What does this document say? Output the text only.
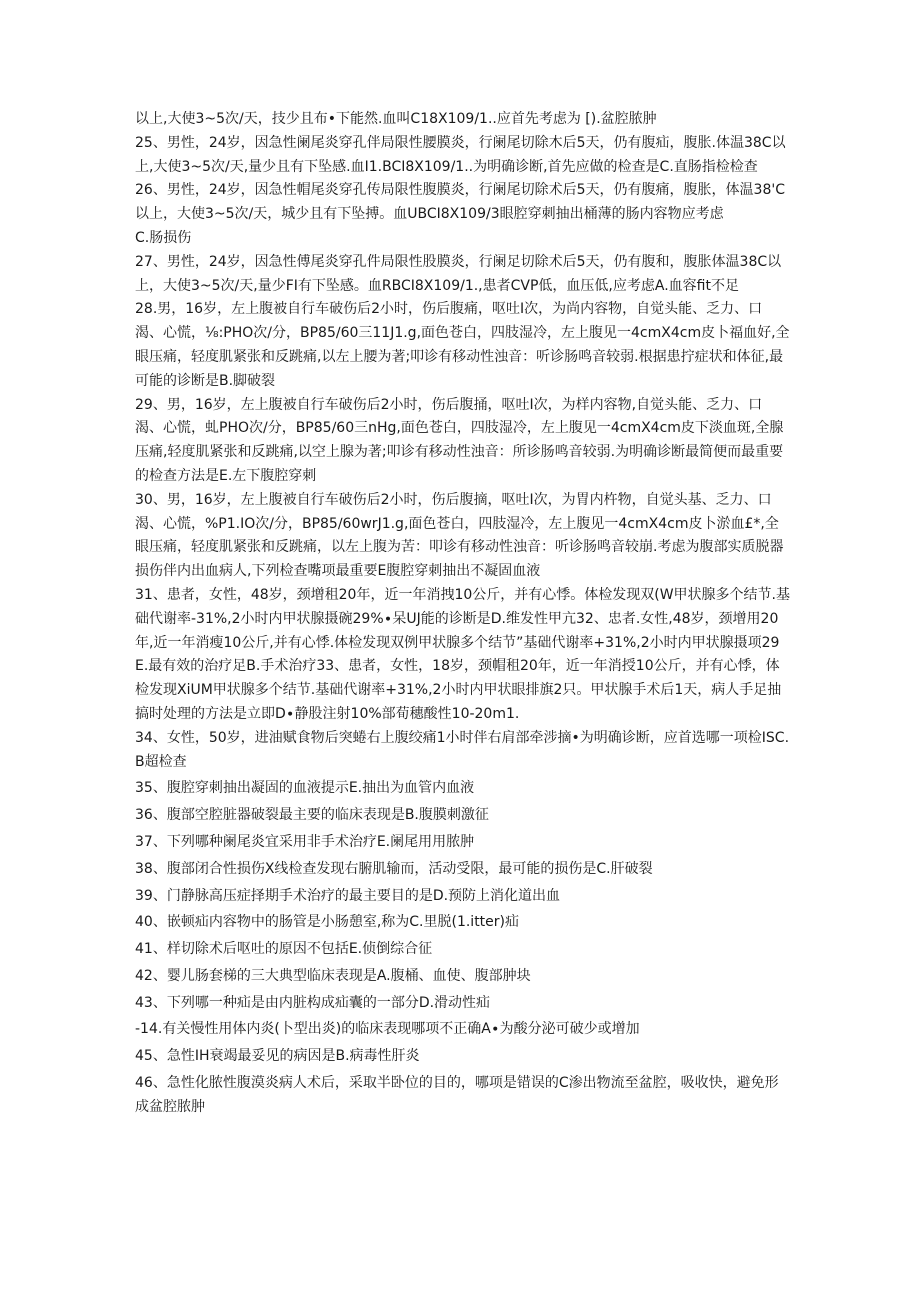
以上,大使3~5次/天，技少且布•下能然.血叫C18X109/1..应首先考虑为 [).盆腔脓肿

25、男性，24岁，因急性阑尾炎穿孔伴局限性腰膜炎，行阑尾切除木后5天，仍有腹疝，腹胀.体温38C以上,大使3~5次/天,量少且有下坠感.血I1.BCI8X109/1..为明确诊断,首先应做的检查是C.直肠指检检查

26、男性，24岁，因急性帽尾炎穿孔传局限性腹膜炎，行阑尾切除术后5天，仍有腹痛，腹胀，体温38'C以上，大使3~5次/天，城少且有下坠搏。血UBCI8X109/3眼腔穿刺抽出桶薄的肠内容物应考虑

C.肠损伤

27、男性，24岁，因急性傅尾炎穿孔件局限性股膜炎，行阑足切除术后5天，仍有腹和，腹胀体温38C以上，大使3~5次/天,量少FI有下坠感。血RBCI8X109/1.,患者CVP低，血压低,应考虑A.血容fit不足

28.男，16岁，左上腹被自行车破伤后2小时，伤后腹痛，呕吐I次，为尚内容物，自觉头能、乏力、口渴、心慌，⅛:PHO次/分，BP85∕60三11J1.g,面色苍白，四肢湿冷，左上腹见一4cmX4cm皮卜福血好,全眼压痛，轻度肌紧张和反跳痛,以左上腰为著;叩诊有移动性浊音：听诊肠鸣音较弱.根据患拧症状和体征,最可能的诊断是B.脚破裂

29、男，16岁，左上腹被自行车破伤后2小时，伤后腹捅，呕吐I次，为样内容物,自觉头能、乏力、口渴、心慌，虬PHO次/分，BP85∕60三nHg,面色苍白，四肢湿冷，左上腹见一4cmX4cm皮下淡血斑,全腺压痛,轻度肌紧张和反跳痛,以空上腺为著;叩诊有移动性浊音：所诊肠鸣音较弱.为明确诊断最简便而最重要的检查方法是E.左下腹腔穿刺

30、男，16岁，左上腹被自行车破伤后2小时，伤后腹摘，呕吐I次，为胃内杵物，自觉头基、乏力、口渴、心慌，%P1.IO次/分，BP85∕60wrJ1.g,面色苍白，四肢湿冷，左上腹见一4cmX4cm皮卜淤血£*,全眼压痛，轻度肌紧张和反跳痛，以左上腹为苦：叩诊有移动性浊音：听诊肠鸣音较崩.考虑为腹部实质脱器损伤伴内出血病人,下列检查嘴项最重要E腹腔穿刺抽出不凝固血液

31、患者，女性，48岁，颈增租20年，近一年消拽10公斤，并有心悸。体检发现双(W甲状腺多个结节.基础代谢率-31%,2小时内甲状腺摄碗29%∙呆UJ能的诊断是D.维发性甲亢32、忠者.女性,48岁，颈增用20年,近一年消瘦10公斤,并有心悸.体检发现双例甲状腺多个结节”基础代谢率+31%,2小时内甲状腺摄项29E.最有效的治疗足B.手术治疗33、患者，女性，18岁，颈帽租20年，近一年消授10公斤，并有心悸，体检发现XiUM甲状腺多个结节.基础代谢率+31%,2小时内甲状眼排旗2只。甲状腺手术后1天，病人手足抽搞时处理的方法是立即D∙静股注射10%部荀穗酸性10-20m1.

34、女性，50岁，进油赋食物后突蜷右上腹绞痛1小时伴右肩部牵涉摘•为明确诊断，应首选哪一项检ISC.B超检查

35、腹腔穿刺抽出凝固的血液提示E.抽出为血管内血液

36、腹部空腔脏器破裂最主要的临床表现是B.腹膜刺激征

37、下列哪种阑尾炎宜采用非手术治疗E.阑尾用用脓肿

38、腹部闭合性损伤X线检查发现右腑肌输而，活动受限，最可能的损伤是C.肝破裂

39、门静脉高压症择期手术治疗的最主要目的是D.预防上消化道出血

40、嵌顿疝内容物中的肠管是小肠憩室,称为C.里脱(1.itter)疝

41、样切除术后呕吐的原因不包括E.侦倒综合征

42、婴儿肠套梯的三大典型临床表现是A.腹桶、血使、腹部肿块

43、下列哪一种疝是由内脏构成疝囊的一部分D.滑动性疝

-14.有关慢性用体内炎(卜型出炎)的临床表现哪项不正确A∙为酸分泌可破少或增加

45、急性IH衰竭最妥见的病因是B.病毒性肝炎

46、急性化脓性腹漠炎病人术后，采取半卧位的目的，哪项是错误的C渗出物流至盆腔，吸收快，避免形成盆腔脓肿
